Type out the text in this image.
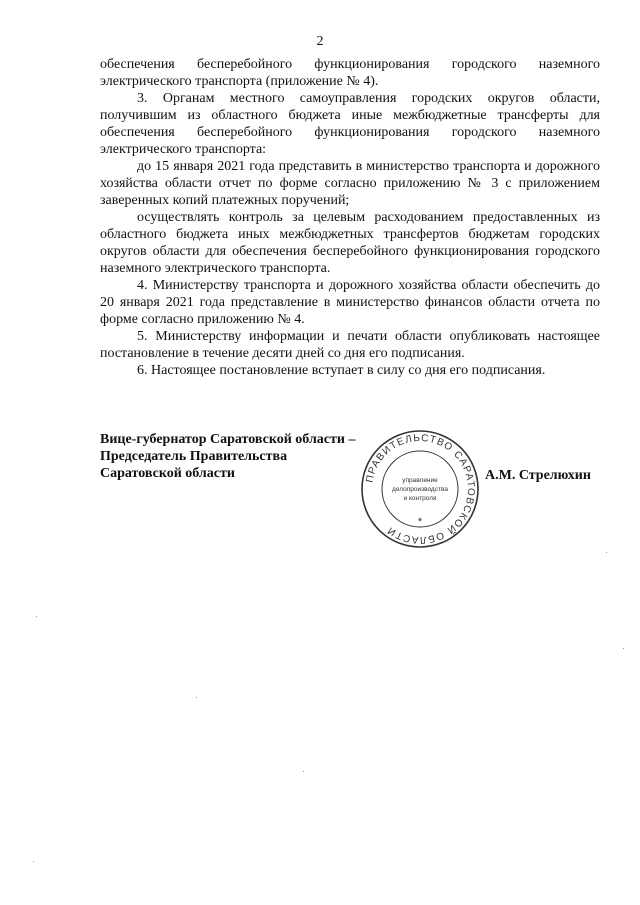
2

обеспечения бесперебойного функционирования городского наземного электрического транспорта (приложение № 4).

3. Органам местного самоуправления городских округов области, получившим из областного бюджета иные межбюджетные трансферты для обеспечения бесперебойного функционирования городского наземного электрического транспорта:

до 15 января 2021 года представить в министерство транспорта и дорожного хозяйства области отчет по форме согласно приложению № 3 с приложением заверенных копий платежных поручений;

осуществлять контроль за целевым расходованием предоставленных из областного бюджета иных межбюджетных трансфертов бюджетам городских округов области для обеспечения бесперебойного функционирования городского наземного электрического транспорта.

4. Министерству транспорта и дорожного хозяйства области обеспечить до 20 января 2021 года представление в министерство финансов области отчета по форме согласно приложению № 4.

5. Министерству информации и печати области опубликовать настоящее постановление в течение десяти дней со дня его подписания.

6. Настоящее постановление вступает в силу со дня его подписания.

Вице-губернатор Саратовской области –
Председатель Правительства
Саратовской области	ПРАВИТЕЛЬСТВО САРАТОВСКОЙ ОБЛАСТИ
*
управление
делопроизводства
и контроля
А.М. Стрелюхин
